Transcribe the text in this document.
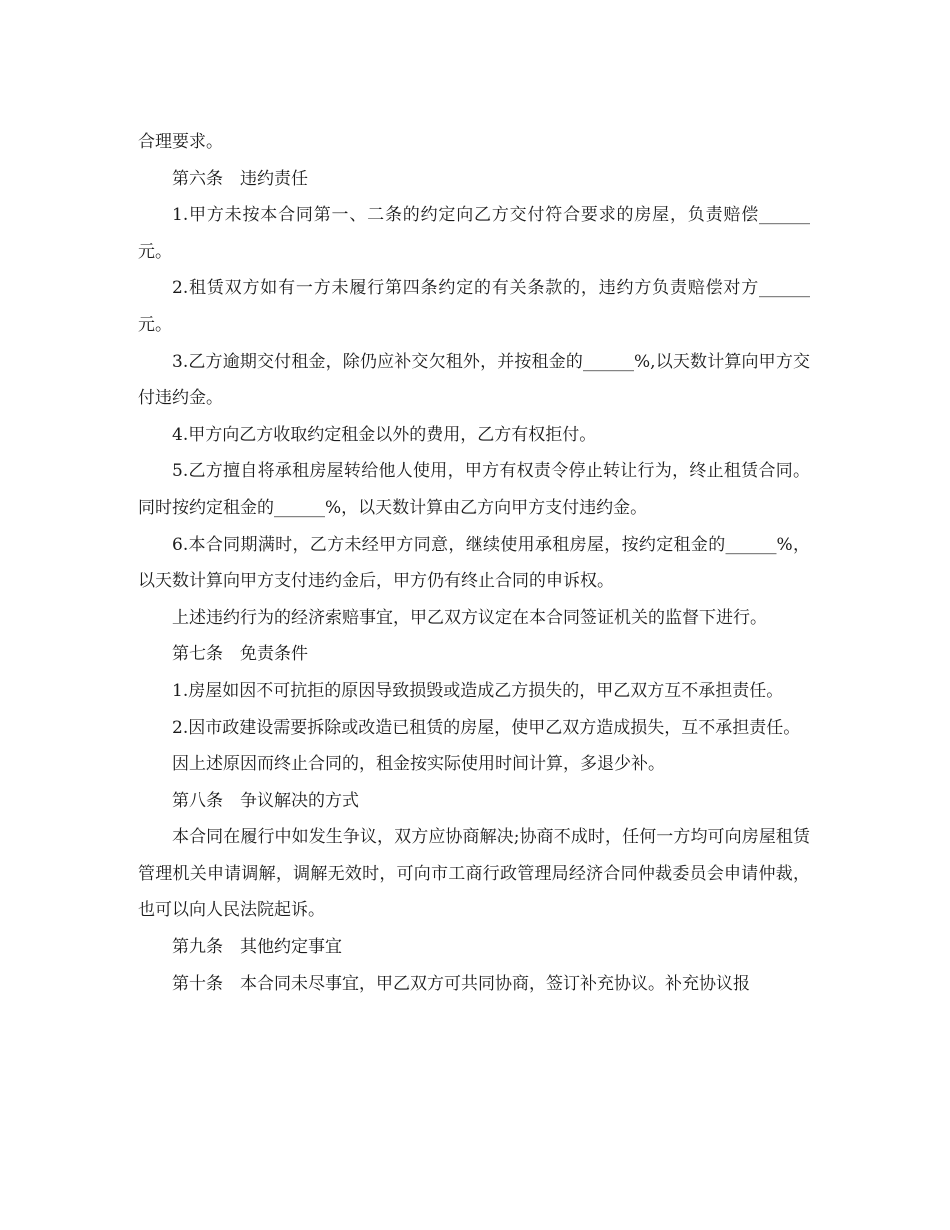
合理要求。

第六条　违约责任

1.甲方未按本合同第一、二条的约定向乙方交付符合要求的房屋，负责赔偿______元。

2.租赁双方如有一方未履行第四条约定的有关条款的，违约方负责赔偿对方______元。

3.乙方逾期交付租金，除仍应补交欠租外，并按租金的______%,以天数计算向甲方交付违约金。

4.甲方向乙方收取约定租金以外的费用，乙方有权拒付。

5.乙方擅自将承租房屋转给他人使用，甲方有权责令停止转让行为，终止租赁合同。同时按约定租金的______%，以天数计算由乙方向甲方支付违约金。

6.本合同期满时，乙方未经甲方同意，继续使用承租房屋，按约定租金的______%，以天数计算向甲方支付违约金后，甲方仍有终止合同的申诉权。

上述违约行为的经济索赔事宜，甲乙双方议定在本合同签证机关的监督下进行。

第七条　免责条件

1.房屋如因不可抗拒的原因导致损毁或造成乙方损失的，甲乙双方互不承担责任。

2.因市政建设需要拆除或改造已租赁的房屋，使甲乙双方造成损失，互不承担责任。

因上述原因而终止合同的，租金按实际使用时间计算，多退少补。

第八条　争议解决的方式

本合同在履行中如发生争议，双方应协商解决;协商不成时，任何一方均可向房屋租赁管理机关申请调解，调解无效时，可向市工商行政管理局经济合同仲裁委员会申请仲裁，也可以向人民法院起诉。

第九条　其他约定事宜

第十条　本合同未尽事宜，甲乙双方可共同协商，签订补充协议。补充协议报
